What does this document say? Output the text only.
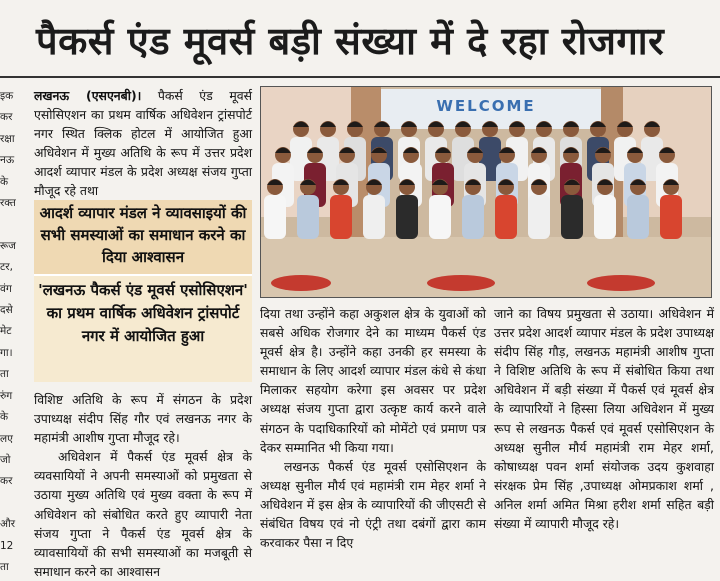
पैकर्स एंड मूवर्स बड़ी संख्या में दे रहा रोजगार
इक
कर
रक्षा
नऊ
के
रक्त

रूज
टर,
वंग
दसे
मेट
गा।
ता
रुंग
के
लए
जो
कर

और
12
ता

लखनऊ (एसएनबी)। पैकर्स एंड मूवर्स एसोसिएशन का प्रथम वार्षिक अधिवेशन ट्रांसपोर्ट नगर स्थित क्लिक होटल में आयोजित हुआ अधिवेशन में मुख्य अतिथि के रूप में उत्तर प्रदेश आदर्श व्यापार मंडल के प्रदेश अध्यक्ष संजय गुप्ता मौजूद रहे तथा

आदर्श व्यापार मंडल ने व्यावसाइयों की सभी समस्याओं का समाधान करने का दिया आश्वासन
'लखनऊ पैकर्स एंड मूवर्स एसोसिएशन' का प्रथम वार्षिक अधिवेशन ट्रांसपोर्ट नगर में आयोजित हुआ

विशिष्ट अतिथि के रूप में संगठन के प्रदेश उपाध्यक्ष संदीप सिंह गौर एवं लखनऊ नगर के महामंत्री आशीष गुप्ता मौजूद रहे।

अधिवेशन में पैकर्स एंड मूवर्स क्षेत्र के व्यवसायियों ने अपनी समस्याओं को प्रमुखता से उठाया मुख्य अतिथि एवं मुख्य वक्ता के रूप में अधिवेशन को संबोधित करते हुए व्यापारी नेता संजय गुप्ता ने पैकर्स एंड मूवर्स क्षेत्र के व्यावसायियों की सभी समस्याओं का मजबूती से समाधान करने का आश्वासन

WELCOME

दिया तथा उन्होंने कहा अकुशल क्षेत्र के युवाओं को सबसे अधिक रोजगार देने का माध्यम पैकर्स एंड मूवर्स क्षेत्र है। उन्होंने कहा उनकी हर समस्या के समाधान के लिए आदर्श व्यापार मंडल कंधे से कंधा मिलाकर सहयोग करेगा इस अवसर पर प्रदेश अध्यक्ष संजय गुप्ता द्वारा उत्कृष्ट कार्य करने वाले संगठन के पदाधिकारियों को मोमेंटो एवं प्रमाण पत्र देकर सम्मानित भी किया गया।

लखनऊ पैकर्स एंड मूवर्स एसोसिएशन के अध्यक्ष सुनील मौर्य एवं महामंत्री राम मेहर शर्मा ने अधिवेशन में इस क्षेत्र के व्यापारियों की जीएसटी से संबंधित विषय एवं नो एंट्री तथा दबंगों द्वारा काम करवाकर पैसा न दिए

जाने का विषय प्रमुखता से उठाया। अधिवेशन में उत्तर प्रदेश आदर्श व्यापार मंडल के प्रदेश उपाध्यक्ष संदीप सिंह गौड़, लखनऊ महामंत्री आशीष गुप्ता ने विशिष्ट अतिथि के रूप में संबोधित किया तथा अधिवेशन में बड़ी संख्या में पैकर्स एवं मूवर्स क्षेत्र के व्यापारियों ने हिस्सा लिया अधिवेशन में मुख्य रूप से लखनऊ पैकर्स एवं मूवर्स एसोसिएशन के अध्यक्ष सुनील मौर्य महामंत्री राम मेहर शर्मा, कोषाध्यक्ष पवन शर्मा संयोजक उदय कुशवाहा संरक्षक प्रेम सिंह ,उपाध्यक्ष ओमप्रकाश शर्मा , अनिल शर्मा अमित मिश्रा हरीश शर्मा सहित बड़ी संख्या में व्यापारी मौजूद रहे।
